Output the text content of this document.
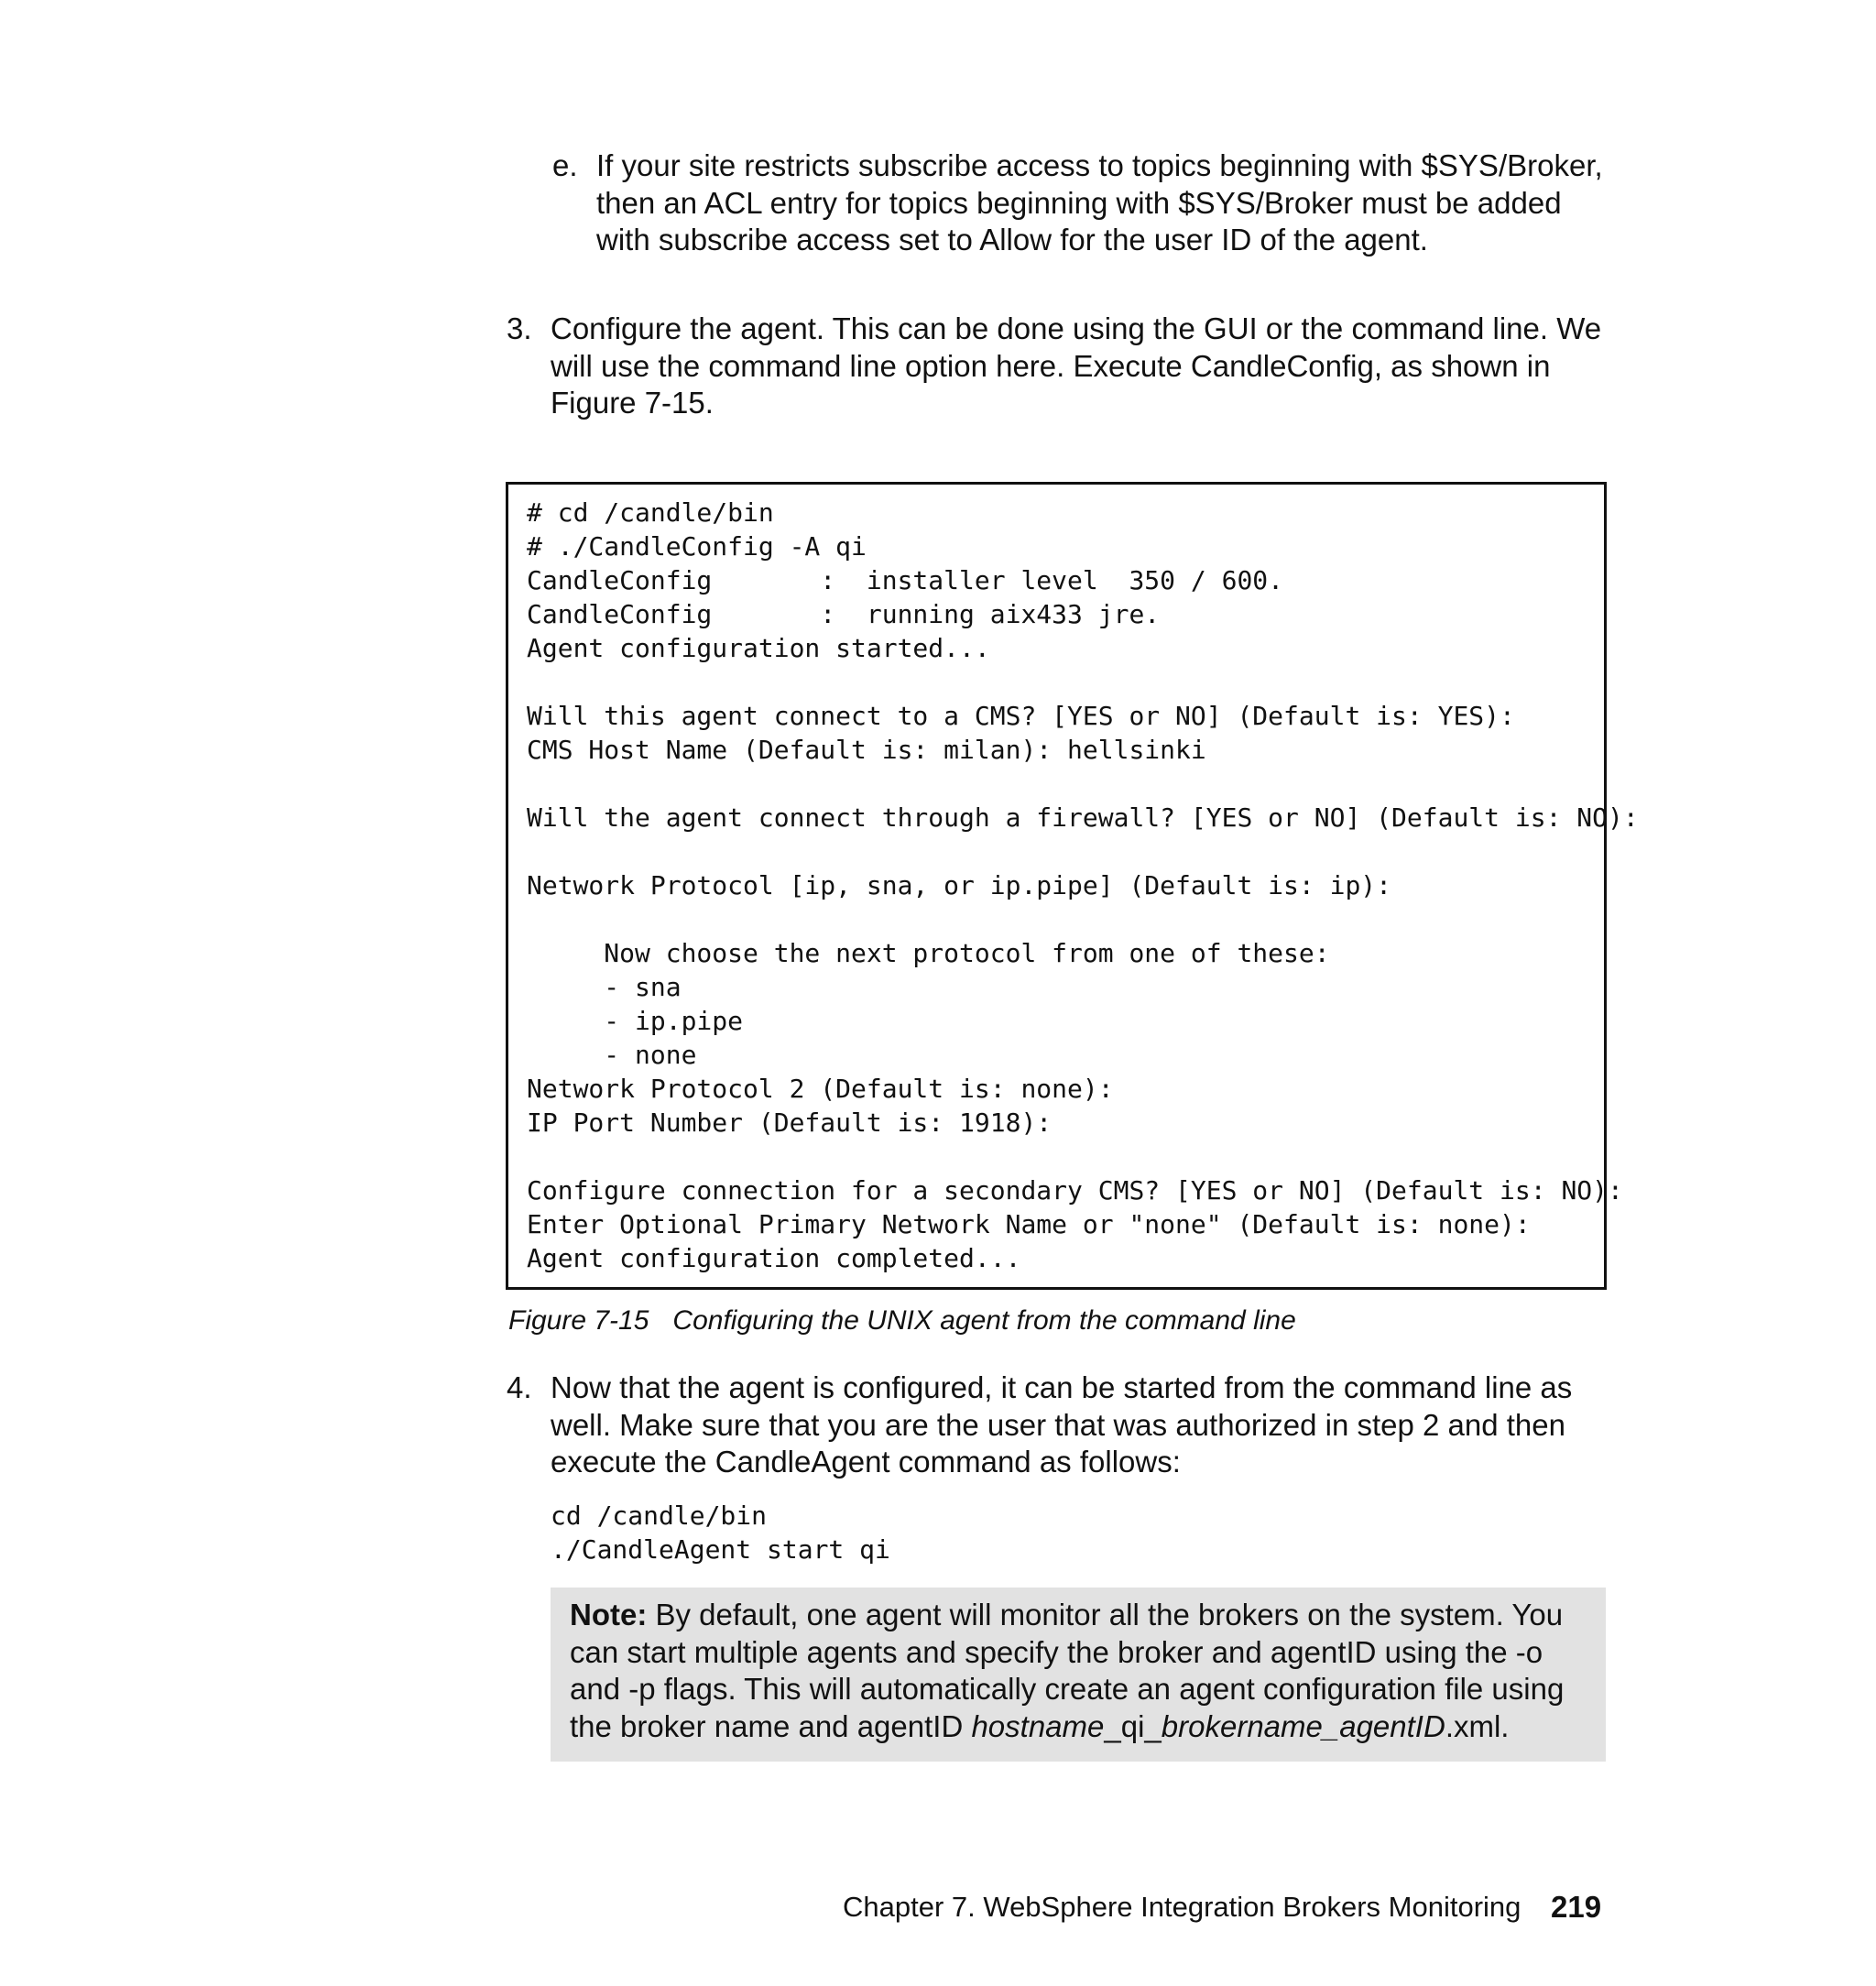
e. If your site restricts subscribe access to topics beginning with $SYS/Broker, then an ACL entry for topics beginning with $SYS/Broker must be added with subscribe access set to Allow for the user ID of the agent.

3. Configure the agent. This can be done using the GUI or the command line. We will use the command line option here. Execute CandleConfig, as shown in Figure 7-15.

# cd /candle/bin
# ./CandleConfig -A qi
CandleConfig       :  installer level  350 / 600.
CandleConfig       :  running aix433 jre.
Agent configuration started...

Will this agent connect to a CMS? [YES or NO] (Default is: YES):
CMS Host Name (Default is: milan): hellsinki

Will the agent connect through a firewall? [YES or NO] (Default is: NO):

Network Protocol [ip, sna, or ip.pipe] (Default is: ip):

Now choose the next protocol from one of these:
- sna
- ip.pipe
- none
Network Protocol 2 (Default is: none):
IP Port Number (Default is: 1918):

Configure connection for a secondary CMS? [YES or NO] (Default is: NO):
Enter Optional Primary Network Name or "none" (Default is: none):
Agent configuration completed...
Figure 7-15 Configuring the UNIX agent from the command line
4. Now that the agent is configured, it can be started from the command line as well. Make sure that you are the user that was authorized in step 2 and then execute the CandleAgent command as follows:

cd /candle/bin
./CandleAgent start qi
Note: By default, one agent will monitor all the brokers on the system. You can start multiple agents and specify the broker and agentID using the -o and -p flags. This will automatically create an agent configuration file using the broker name and agentID hostname_qi_brokername_agentID.xml.
Chapter 7. WebSphere Integration Brokers Monitoring 219
